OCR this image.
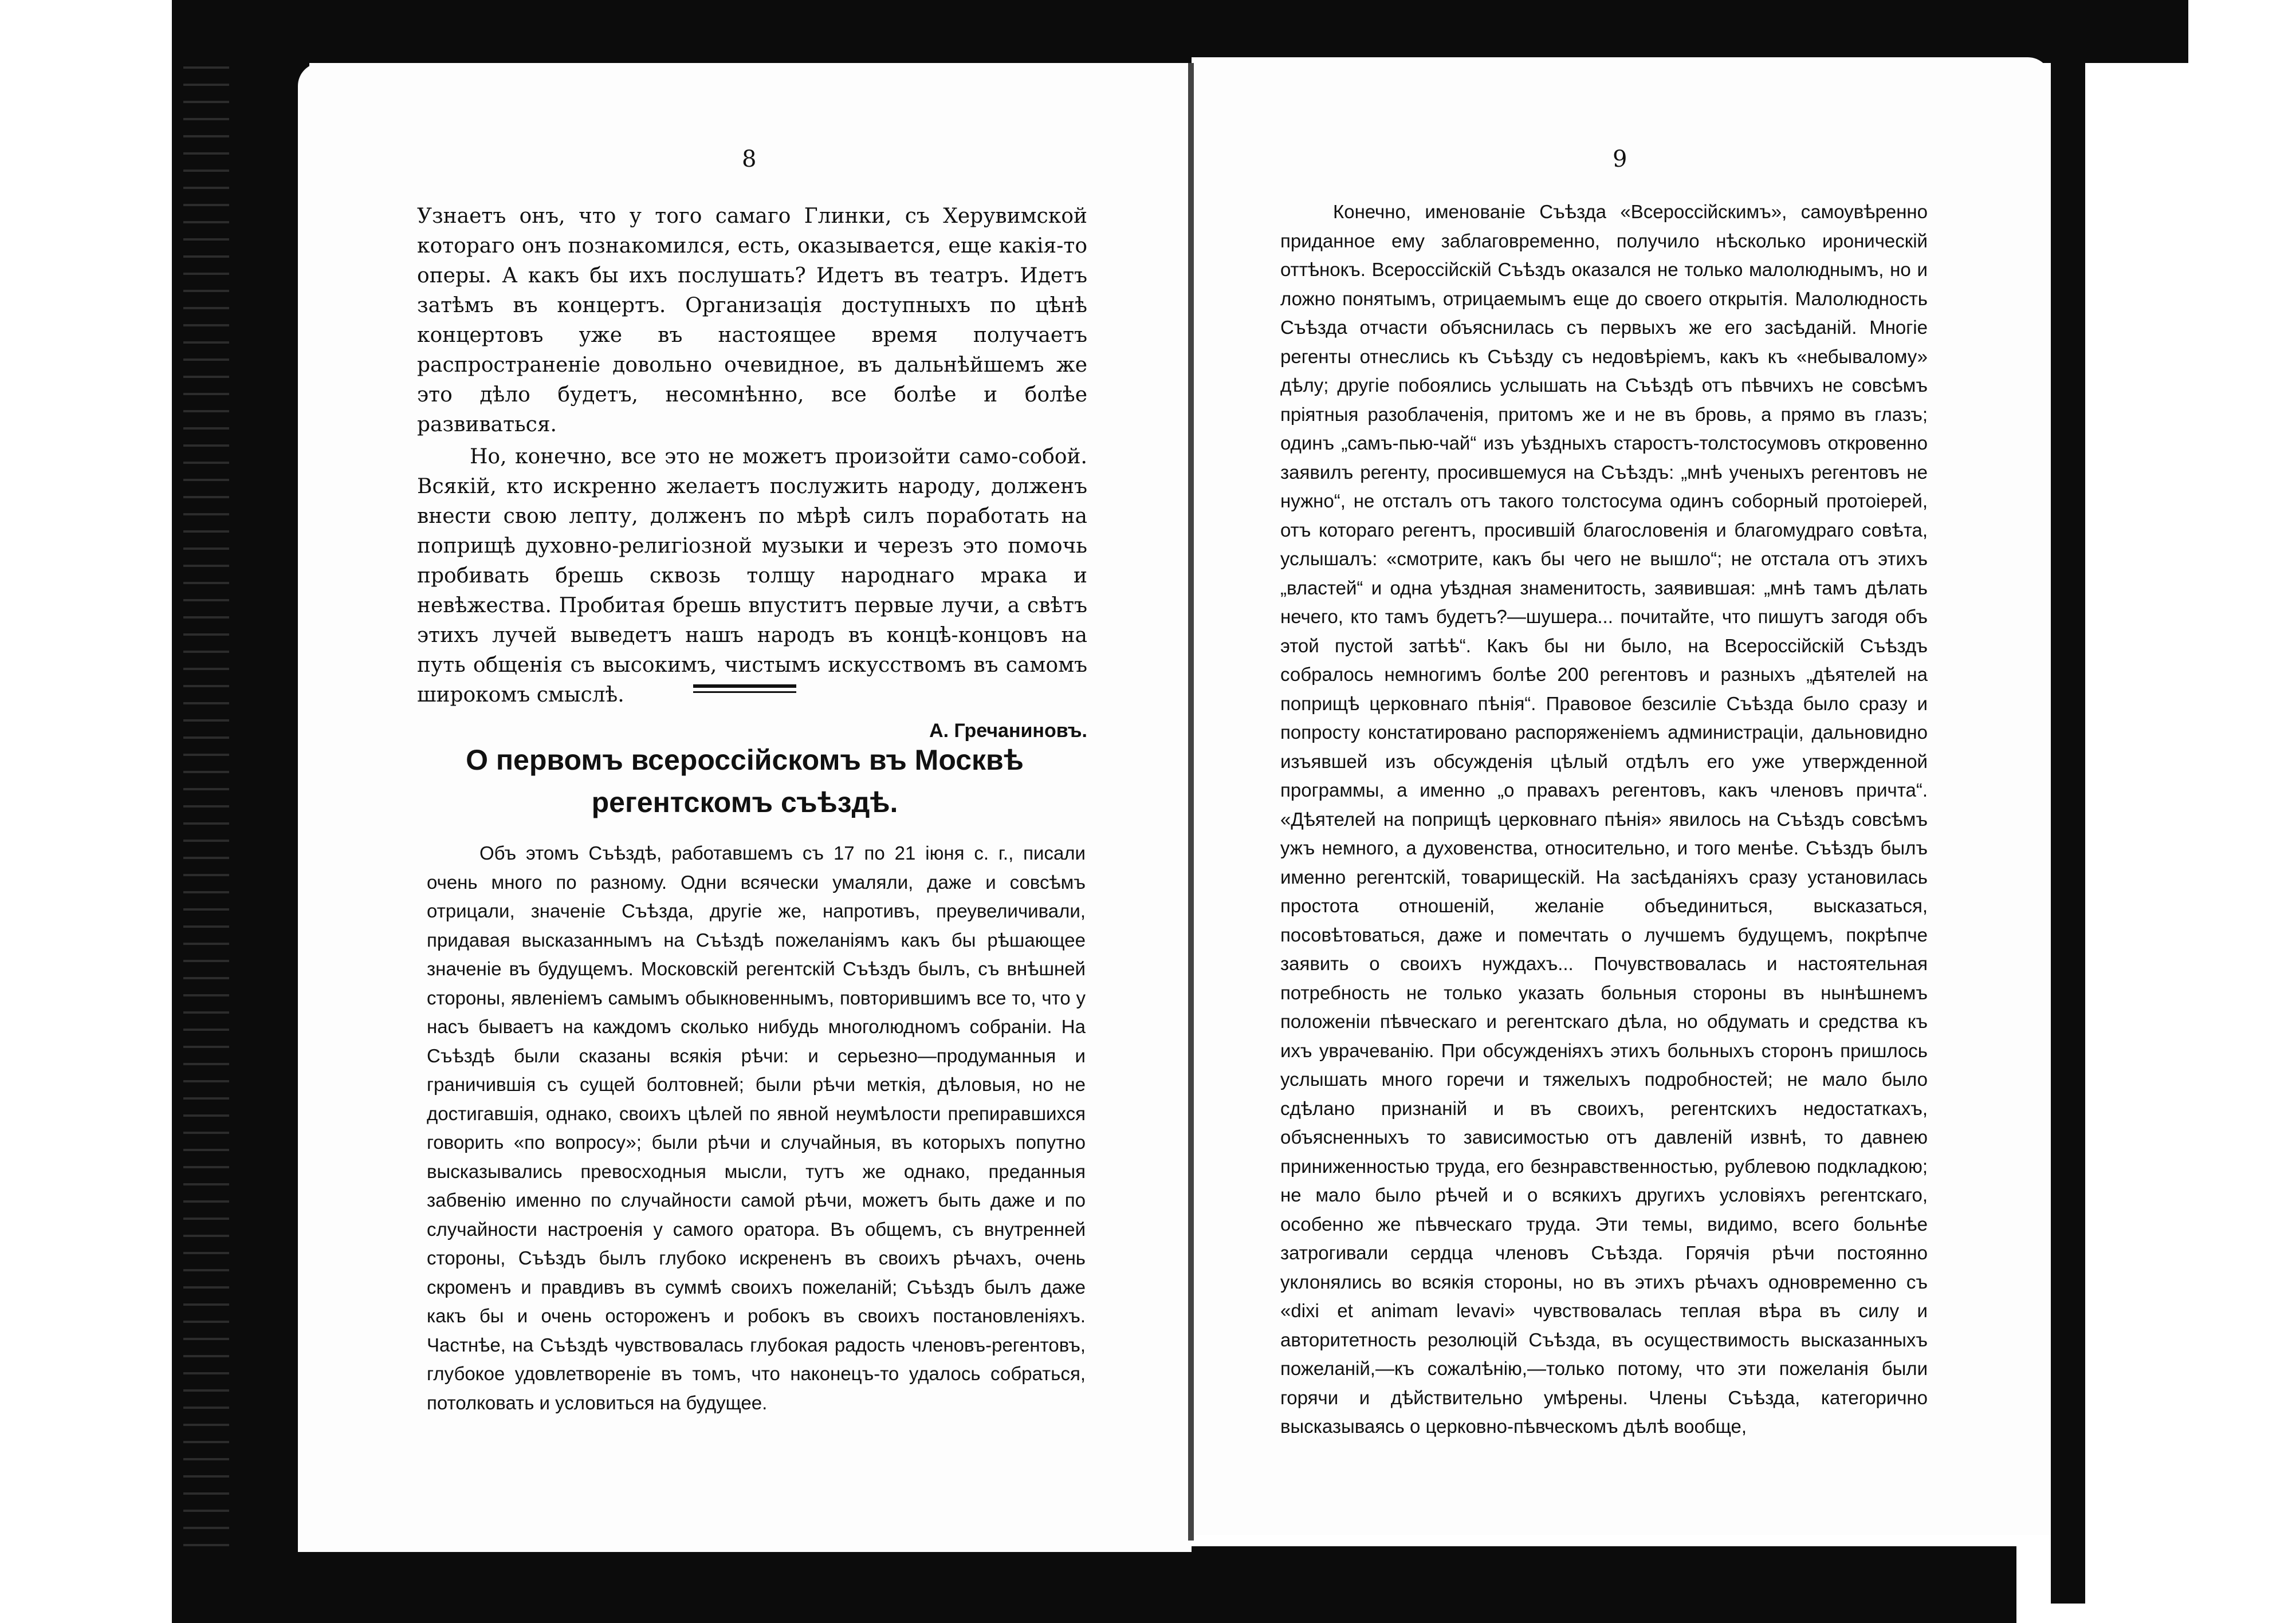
8

Узнаетъ онъ, что у того самаго Глинки, съ Херувимской котораго онъ познакомился, есть, оказывается, еще какія-то оперы. А какъ бы ихъ послушать? Идетъ въ театръ. Идетъ затѣмъ въ концертъ. Организація доступныхъ по цѣнѣ концертовъ уже въ настоящее время получаетъ распространеніе довольно очевидное, въ дальнѣйшемъ же это дѣло будетъ, несомнѣнно, все болѣе и болѣе развиваться.

Но, конечно, все это не можетъ произойти само-собой. Всякій, кто искренно желаетъ послужить народу, долженъ внести свою лепту, долженъ по мѣрѣ силъ поработать на поприщѣ духовно-религіозной музыки и черезъ это помочь пробивать брешь сквозь толщу народнаго мрака и невѣжества. Пробитая брешь впуститъ первые лучи, а свѣтъ этихъ лучей выведетъ нашъ народъ въ концѣ-концовъ на путь общенія съ высокимъ, чистымъ искусствомъ въ самомъ широкомъ смыслѣ.

А. Гречаниновъ.
О первомъ всероссійскомъ въ Москвѣ регентскомъ съѣздѣ.

Объ этомъ Съѣздѣ, работавшемъ съ 17 по 21 іюня с. г., писали очень много по разному. Одни всячески умаляли, даже и совсѣмъ отрицали, значеніе Съѣзда, другіе же, напротивъ, преувеличивали, придавая высказаннымъ на Съѣздѣ пожеланіямъ какъ бы рѣшающее значеніе въ будущемъ. Московскій регентскій Съѣздъ былъ, съ внѣшней стороны, явленіемъ самымъ обыкновеннымъ, повторившимъ все то, что у насъ бываетъ на каждомъ сколько нибудь многолюдномъ собраніи. На Съѣздѣ были сказаны всякія рѣчи: и серьезно—продуманныя и граничившія съ сущей болтовней; были рѣчи меткія, дѣловыя, но не достигавшія, однако, своихъ цѣлей по явной неумѣлости препиравшихся говорить «по вопросу»; были рѣчи и случайныя, въ которыхъ попутно высказывались превосходныя мысли, тутъ же однако, преданныя забвенію именно по случайности самой рѣчи, можетъ быть даже и по случайности настроенія у самого оратора. Въ общемъ, съ внутренней стороны, Съѣздъ былъ глубоко искрененъ въ своихъ рѣчахъ, очень скроменъ и правдивъ въ суммѣ своихъ пожеланій; Съѣздъ былъ даже какъ бы и очень остороженъ и робокъ въ своихъ постановленіяхъ. Частнѣе, на Съѣздѣ чувствовалась глубокая радость членовъ-регентовъ, глубокое удовлетвореніе въ томъ, что наконецъ-то удалось собраться, потолковать и условиться на будущее.

9

Конечно, именованіе Съѣзда «Всероссійскимъ», самоувѣренно приданное ему заблаговременно, получило нѣсколько ироническій оттѣнокъ. Всероссійскій Съѣздъ оказался не только малолюднымъ, но и ложно понятымъ, отрицаемымъ еще до своего открытія. Малолюдность Съѣзда отчасти объяснилась съ первыхъ же его засѣданій. Многіе регенты отнеслись къ Съѣзду съ недовѣріемъ, какъ къ «небывалому» дѣлу; другіе побоялись услышать на Съѣздѣ отъ пѣвчихъ не совсѣмъ пріятныя разоблаченія, притомъ же и не въ бровь, а прямо въ глазъ; одинъ „самъ-пью-чай“ изъ уѣздныхъ старостъ-толстосумовъ откровенно заявилъ регенту, просившемуся на Съѣздъ: „мнѣ ученыхъ регентовъ не нужно“, не отсталъ отъ такого толстосума одинъ соборный протоіерей, отъ котораго регентъ, просившій благословенія и благомудраго совѣта, услышалъ: «смотрите, какъ бы чего не вышло“; не отстала отъ этихъ „властей“ и одна уѣздная знаменитость, заявившая: „мнѣ тамъ дѣлать нечего, кто тамъ будетъ?—шушера... почитайте, что пишутъ загодя объ этой пустой затѣѣ“. Какъ бы ни было, на Всероссійскій Съѣздъ собралось немногимъ болѣе 200 регентовъ и разныхъ „дѣятелей на поприщѣ церковнаго пѣнія“. Правовое безсиліе Съѣзда было сразу и попросту констатировано распоряженіемъ администраціи, дальновидно изъявшей изъ обсужденія цѣлый отдѣлъ его уже утвержденной программы, а именно „о правахъ регентовъ, какъ членовъ причта“. «Дѣятелей на поприщѣ церковнаго пѣнія» явилось на Съѣздъ совсѣмъ ужъ немного, а духовенства, относительно, и того менѣе. Съѣздъ былъ именно регентскій, товарищескій. На засѣданіяхъ сразу установилась простота отношеній, желаніе объединиться, высказаться, посовѣтоваться, даже и помечтать о лучшемъ будущемъ, покрѣпче заявить о своихъ нуждахъ... Почувствовалась и настоятельная потребность не только указать больныя стороны въ нынѣшнемъ положеніи пѣвческаго и регентскаго дѣла, но обдумать и средства къ ихъ уврачеванію. При обсужденіяхъ этихъ больныхъ сторонъ пришлось услышать много горечи и тяжелыхъ подробностей; не мало было сдѣлано признаній и въ своихъ, регентскихъ недостаткахъ, объясненныхъ то зависимостью отъ давленій извнѣ, то давнею приниженностью труда, его безнравственностью, рублевою подкладкою; не мало было рѣчей и о всякихъ другихъ условіяхъ регентскаго, особенно же пѣвческаго труда. Эти темы, видимо, всего больнѣе затрогивали сердца членовъ Съѣзда. Горячія рѣчи постоянно уклонялись во всякія стороны, но въ этихъ рѣчахъ одновременно съ «dixi et animam levavi» чувствовалась теплая вѣра въ силу и авторитетность резолюцій Съѣзда, въ осуществимость высказанныхъ пожеланій,—къ сожалѣнію,—только потому, что эти пожеланія были горячи и дѣйствительно умѣрены. Члены Съѣзда, категорично высказываясь о церковно-пѣвческомъ дѣлѣ вообще,
